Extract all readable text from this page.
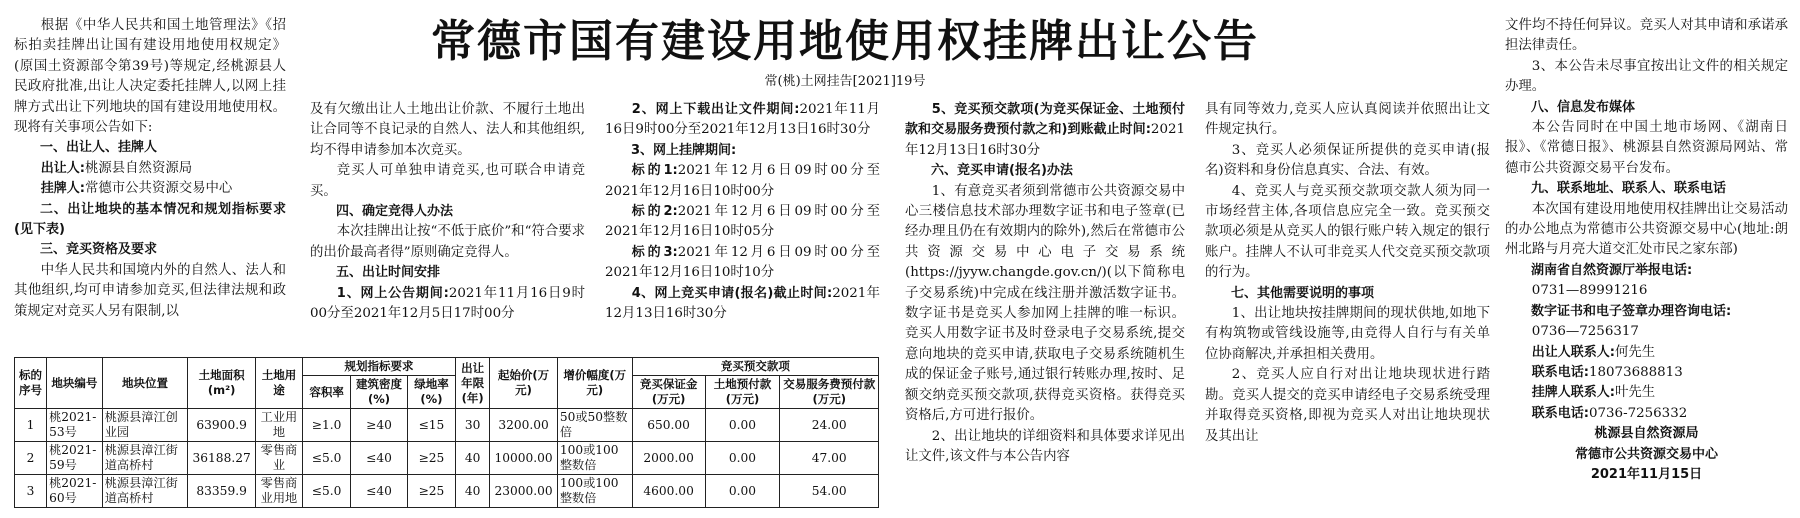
常德市国有建设用地使用权挂牌出让公告
常(桃)土网挂告[2021]19号

根据《中华人民共和国土地管理法》《招标拍卖挂牌出让国有建设用地使用权规定》(原国土资源部令第39号)等规定,经桃源县人民政府批准,出让人决定委托挂牌人,以网上挂牌方式出让下列地块的国有建设用地使用权。现将有关事项公告如下:

一、出让人、挂牌人

出让人:桃源县自然资源局

挂牌人:常德市公共资源交易中心

二、出让地块的基本情况和规划指标要求(见下表)

三、竞买资格及要求

中华人民共和国境内外的自然人、法人和其他组织,均可申请参加竞买,但法律法规和政策规定对竞买人另有限制,以

及有欠缴出让人土地出让价款、不履行土地出让合同等不良记录的自然人、法人和其他组织,均不得申请参加本次竞买。

竞买人可单独申请竞买,也可联合申请竞买。

四、确定竞得人办法

本次挂牌出让按“不低于底价”和“符合要求的出价最高者得”原则确定竞得人。

五、出让时间安排

1、网上公告期间:2021年11月16日9时00分至2021年12月5日17时00分

2、网上下载出让文件期间:2021年11月16日9时00分至2021年12月13日16时30分

3、网上挂牌期间:

标的1:2021年12月6日09时00分至2021年12月16日10时00分

标的2:2021年12月6日09时00分至2021年12月16日10时05分

标的3:2021年12月6日09时00分至2021年12月16日10时10分

4、网上竞买申请(报名)截止时间:2021年12月13日16时30分

5、竞买预交款项(为竞买保证金、土地预付款和交易服务费预付款之和)到账截止时间:2021年12月13日16时30分

六、竞买申请(报名)办法

1、有意竞买者须到常德市公共资源交易中心三楼信息技术部办理数字证书和电子签章(已经办理且仍在有效期内的除外),然后在常德市公共资源交易中心电子交易系统(https://jyyw.changde.gov.cn/)(以下简称电子交易系统)中完成在线注册并激活数字证书。数字证书是竞买人参加网上挂牌的唯一标识。竞买人用数字证书及时登录电子交易系统,提交意向地块的竞买申请,获取电子交易系统随机生成的保证金子账号,通过银行转账办理,按时、足额交纳竞买预交款项,获得竞买资格。获得竞买资格后,方可进行报价。

2、出让地块的详细资料和具体要求详见出让文件,该文件与本公告内容

具有同等效力,竞买人应认真阅读并依照出让文件规定执行。

3、竞买人必须保证所提供的竞买申请(报名)资料和身份信息真实、合法、有效。

4、竞买人与竞买预交款项交款人须为同一市场经营主体,各项信息应完全一致。竞买预交款项必须是从竞买人的银行账户转入规定的银行账户。挂牌人不认可非竞买人代交竞买预交款项的行为。

七、其他需要说明的事项

1、出让地块按挂牌期间的现状供地,如地下有构筑物或管线设施等,由竞得人自行与有关单位协商解决,并承担相关费用。

2、竞买人应自行对出让地块现状进行踏勘。竞买人提交的竞买申请经电子交易系统受理并取得竞买资格,即视为竞买人对出让地块现状及其出让

文件均不持任何异议。竞买人对其申请和承诺承担法律责任。

3、本公告未尽事宜按出让文件的相关规定办理。

八、信息发布媒体

本公告同时在中国土地市场网、《湖南日报》、《常德日报》、桃源县自然资源局网站、常德市公共资源交易平台发布。

九、联系地址、联系人、联系电话

本次国有建设用地使用权挂牌出让交易活动的办公地点为常德市公共资源交易中心(地址:朗州北路与月亮大道交汇处市民之家东部)

湖南省自然资源厅举报电话:

0731—89991216

数字证书和电子签章办理咨询电话:

0736—7256317

出让人联系人:何先生

联系电话:18073688813

挂牌人联系人:叶先生

联系电话:0736-7256332

桃源县自然资源局

常德市公共资源交易中心

2021年11月15日

标的序号	地块编号	地块位置	土地面积(m²)	土地用途	规划指标要求			出让年限(年)	起始价(万元)	增价幅度(万元)	竞买预交款项		
					容积率	建筑密度(%)	绿地率(%)				竞买保证金(万元)	土地预付款(万元)	交易服务费预付款(万元)
1	桃2021-53号	桃源县漳江创业园	63900.9	工业用地	≥1.0	≥40	≤15	30	3200.00	50或50整数倍	650.00	0.00	24.00
2	桃2021-59号	桃源县漳江街道高桥村	36188.27	零售商业	≤5.0	≤40	≥25	40	10000.00	100或100整数倍	2000.00	0.00	47.00
3	桃2021-60号	桃源县漳江街道高桥村	83359.9	零售商业用地	≤5.0	≤40	≥25	40	23000.00	100或100整数倍	4600.00	0.00	54.00
